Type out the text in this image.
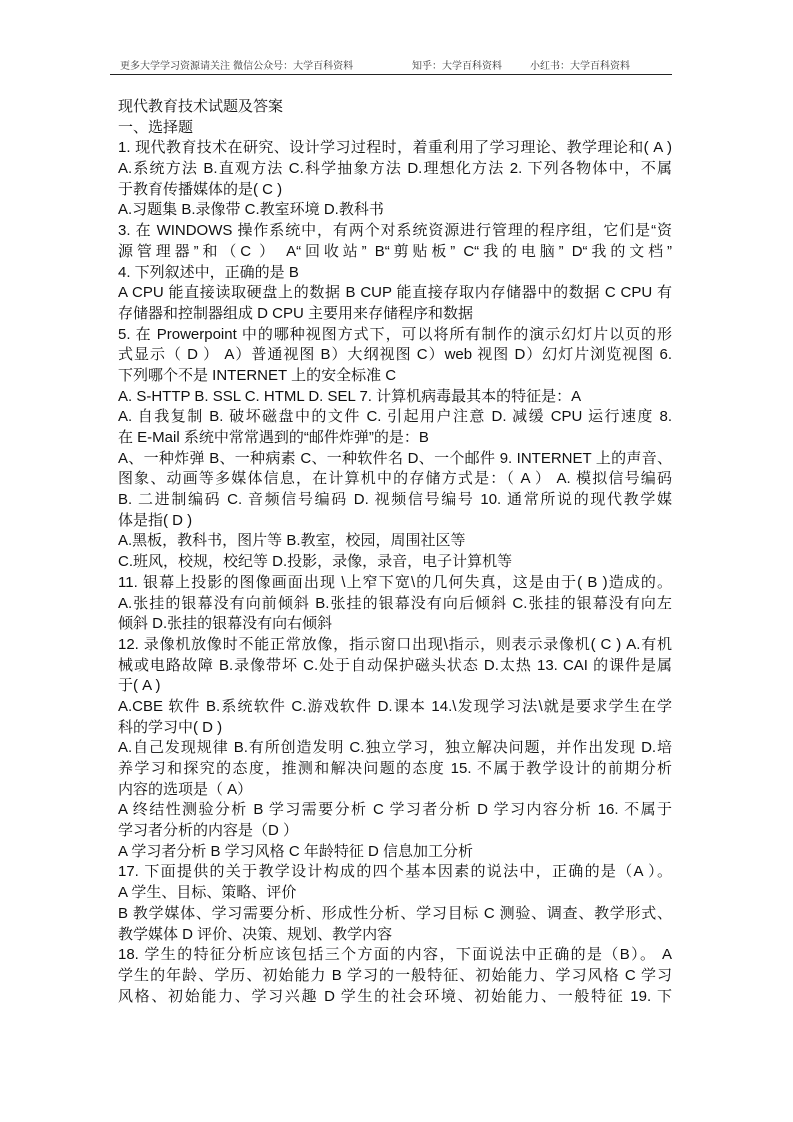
更多大学学习资源请关注 微信公众号：大学百科资料	知乎：大学百科资料	小红书：大学百科资料
现代教育技术试题及答案
一、选择题
1. 现代教育技术在研究、设计学习过程时，着重利用了学习理论、教学理论和( A )
A.系统方法 B.直观方法 C.科学抽象方法 D.理想化方法 2. 下列各物体中，不属
于教育传播媒体的是( C )
A.习题集 B.录像带 C.教室环境 D.教科书
3. 在 WINDOWS 操作系统中，有两个对系统资源进行管理的程序组，它们是“资
源管理器”和（C ） A“回收站” B“剪贴板” C“我的电脑” D“我的文档”
4. 下列叙述中，正确的是 B
A CPU 能直接读取硬盘上的数据 B CUP 能直接存取内存储器中的数据 C CPU 有
存储器和控制器组成 D CPU 主要用来存储程序和数据
5. 在 Prowerpoint 中的哪种视图方式下，可以将所有制作的演示幻灯片以页的形
式显示（ D ） A）普通视图 B）大纲视图 C）web 视图 D）幻灯片浏览视图 6.
下列哪个不是 INTERNET 上的安全标准 C
A. S-HTTP B. SSL C. HTML D. SEL 7. 计算机病毒最其本的特征是：A
A. 自我复制 B. 破坏磁盘中的文件 C. 引起用户注意 D. 减缓 CPU 运行速度 8.
在 E-Mail 系统中常常遇到的“邮件炸弹”的是：B
A、一种炸弹 B、一种病素 C、一种软件名 D、一个邮件 9. INTERNET 上的声音、
图象、动画等多媒体信息，在计算机中的存储方式是：（ A ） A. 模拟信号编码
B. 二进制编码 C. 音频信号编码 D. 视频信号编号 10. 通常所说的现代教学媒
体是指( D )
A.黑板，教科书，图片等 B.教室，校园，周围社区等
C.班风，校规，校纪等 D.投影，录像，录音，电子计算机等
11. 银幕上投影的图像画面出现 \上窄下宽\的几何失真，这是由于( B )造成的。
A.张挂的银幕没有向前倾斜 B.张挂的银幕没有向后倾斜 C.张挂的银幕没有向左
倾斜 D.张挂的银幕没有向右倾斜
12. 录像机放像时不能正常放像，指示窗口出现\指示，则表示录像机( C ) A.有机
械或电路故障 B.录像带坏 C.处于自动保护磁头状态 D.太热 13. CAI 的课件是属
于( A )
A.CBE 软件 B.系统软件 C.游戏软件 D.课本 14.\发现学习法\就是要求学生在学
科的学习中( D )
A.自己发现规律 B.有所创造发明 C.独立学习，独立解决问题，并作出发现 D.培
养学习和探究的态度，推测和解决问题的态度 15. 不属于教学设计的前期分析
内容的选项是（ A）
A 终结性测验分析 B 学习需要分析 C 学习者分析 D 学习内容分析 16. 不属于
学习者分析的内容是（D ）
A 学习者分析 B 学习风格 C 年龄特征 D 信息加工分析
17. 下面提供的关于教学设计构成的四个基本因素的说法中，正确的是（A ）。
A 学生、目标、策略、评价
B 教学媒体、学习需要分析、形成性分析、学习目标 C 测验、调查、教学形式、
教学媒体 D 评价、决策、规划、教学内容
18. 学生的特征分析应该包括三个方面的内容，下面说法中正确的是（B）。 A
学生的年龄、学历、初始能力 B 学习的一般特征、初始能力、学习风格 C 学习
风格、初始能力、学习兴趣 D 学生的社会环境、初始能力、一般特征 19. 下
